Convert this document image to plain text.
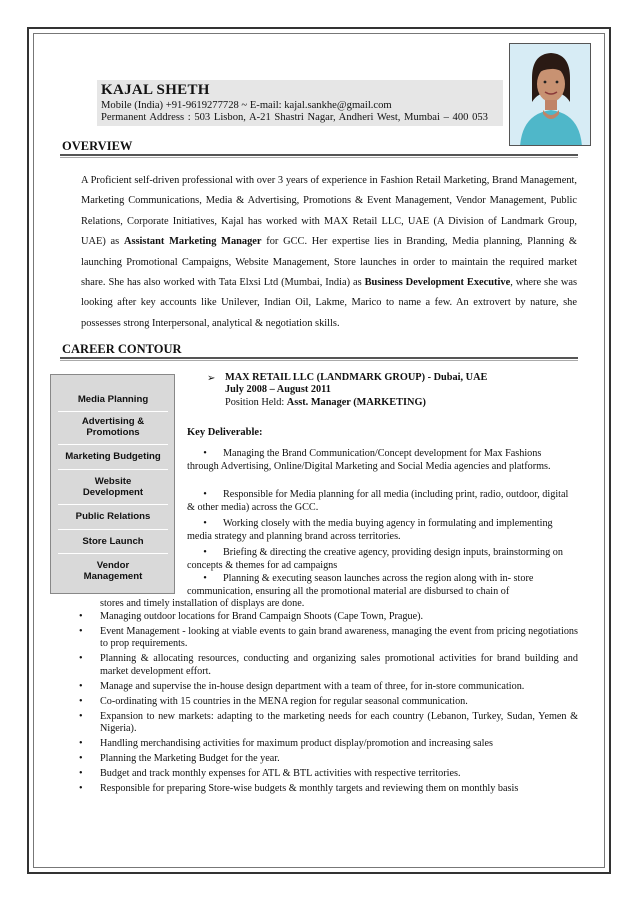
KAJAL SHETH
Mobile (India) +91-9619277728 ~ E-mail: kajal.sankhe@gmail.com
Permanent Address : 503 Lisbon, A-21 Shastri Nagar, Andheri West, Mumbai – 400 053
OVERVIEW
A Proficient self-driven professional with over 3 years of experience in Fashion Retail Marketing, Brand Management, Marketing Communications, Media & Advertising, Promotions & Event Management, Vendor Management, Public Relations, Corporate Initiatives, Kajal has worked with MAX Retail LLC, UAE (A Division of Landmark Group, UAE) as Assistant Marketing Manager for GCC. Her expertise lies in Branding, Media planning, Planning & launching Promotional Campaigns, Website Management, Store launches in order to maintain the required market share. She has also worked with Tata Elxsi Ltd (Mumbai, India) as Business Development Executive, where she was looking after key accounts like Unilever, Indian Oil, Lakme, Marico to name a few. An extrovert by nature, she possesses strong Interpersonal, analytical & negotiation skills.
CAREER CONTOUR
Media Planning
Advertising &
Promotions
Marketing Budgeting
Website
Development
Public Relations
Store Launch
Vendor
Management
➢ MAX RETAIL LLC (LANDMARK GROUP) - Dubai, UAE
July 2008 – August 2011
Position Held: Asst. Manager (MARKETING)
Key Deliverable:
• Managing the Brand Communication/Concept development for Max Fashions through Advertising, Online/Digital Marketing and Social Media agencies and platforms.
• Responsible for Media planning for all media (including print, radio, outdoor, digital & other media) across the GCC.
• Working closely with the media buying agency in formulating and implementing media strategy and planning brand across territories.
• Briefing & directing the creative agency, providing design inputs, brainstorming on concepts & themes for ad campaigns
• Planning & executing season launches across the region along with in- store communication, ensuring all the promotional material are disbursed to chain of
stores and timely installation of displays are done.
• Managing outdoor locations for Brand Campaign Shoots (Cape Town, Prague).
• Event Management - looking at viable events to gain brand awareness, managing the event from pricing negotiations to prop requirements.
• Planning & allocating resources, conducting and organizing sales promotional activities for brand building and market development effort.
• Manage and supervise the in-house design department with a team of three, for in-store communication.
• Co-ordinating with 15 countries in the MENA region for regular seasonal communication.
• Expansion to new markets: adapting to the marketing needs for each country (Lebanon, Turkey, Sudan, Yemen & Nigeria).
• Handling merchandising activities for maximum product display/promotion and increasing sales
• Planning the Marketing Budget for the year.
• Budget and track monthly expenses for ATL & BTL activities with respective territories.
• Responsible for preparing Store-wise budgets & monthly targets and reviewing them on monthly basis
